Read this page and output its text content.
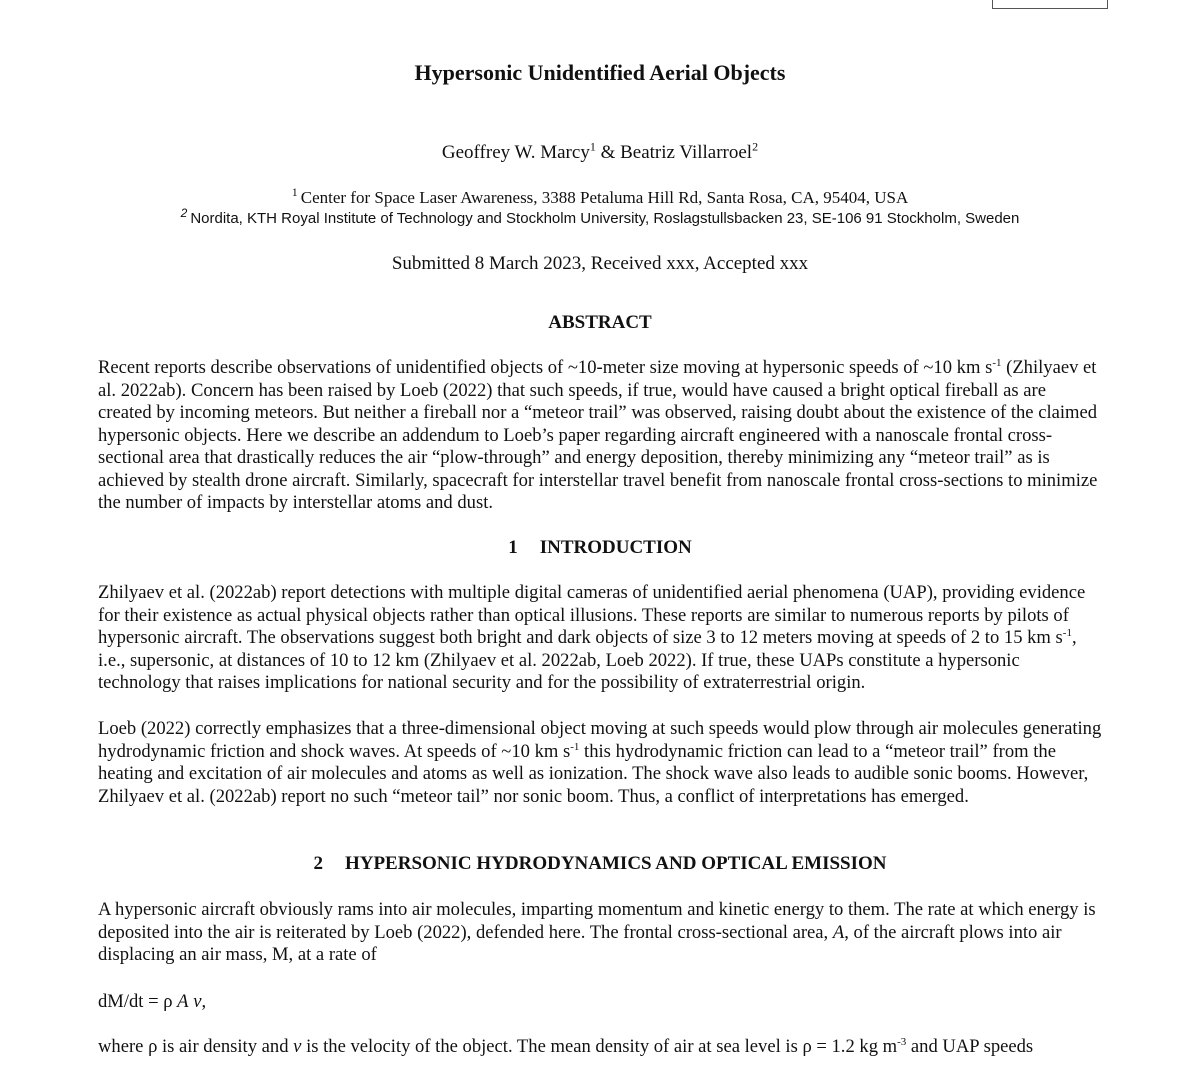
Hypersonic Unidentified Aerial Objects
Geoffrey W. Marcy$^1$ & Beatriz Villarroel$^2$
$^1$ Center for Space Laser Awareness, 3388 Petaluma Hill Rd, Santa Rosa, CA, 95404, USA
$^2$ Nordita, KTH Royal Institute of Technology and Stockholm University, Roslagstullsbacken 23, SE-106 91 Stockholm, Sweden
Submitted 8 March 2023, Received xxx, Accepted xxx
ABSTRACT

Recent reports describe observations of unidentified objects of ~10-meter size moving at hypersonic speeds of ~10 km $s^{-1}$ (Zhilyaev et al. 2022ab). Concern has been raised by Loeb (2022) that such speeds, if true, would have caused a bright optical fireball as are created by incoming meteors. But neither a fireball nor a “meteor trail” was observed, raising doubt about the existence of the claimed hypersonic objects. Here we describe an addendum to Loeb’s paper regarding aircraft engineered with a nanoscale frontal cross-sectional area that drastically reduces the air “plow-through” and energy deposition, thereby minimizing any “meteor trail” as is achieved by stealth drone aircraft. Similarly, spacecraft for interstellar travel benefit from nanoscale frontal cross-sections to minimize the number of impacts by interstellar atoms and dust.

1 INTRODUCTION

Zhilyaev et al. (2022ab) report detections with multiple digital cameras of unidentified aerial phenomena (UAP), providing evidence for their existence as actual physical objects rather than optical illusions. These reports are similar to numerous reports by pilots of hypersonic aircraft. The observations suggest both bright and dark objects of size 3 to 12 meters moving at speeds of 2 to 15 km $s^{-1}$, i.e., supersonic, at distances of 10 to 12 km (Zhilyaev et al. 2022ab, Loeb 2022). If true, these UAPs constitute a hypersonic technology that raises implications for national security and for the possibility of extraterrestrial origin.

Loeb (2022) correctly emphasizes that a three-dimensional object moving at such speeds would plow through air molecules generating hydrodynamic friction and shock waves. At speeds of ~10 km $s^{-1}$ this hydrodynamic friction can lead to a “meteor trail” from the heating and excitation of air molecules and atoms as well as ionization. The shock wave also leads to audible sonic booms. However, Zhilyaev et al. (2022ab) report no such “meteor tail” nor sonic boom. Thus, a conflict of interpretations has emerged.

2 HYPERSONIC HYDRODYNAMICS AND OPTICAL EMISSION

A hypersonic aircraft obviously rams into air molecules, imparting momentum and kinetic energy to them. The rate at which energy is deposited into the air is reiterated by Loeb (2022), defended here. The frontal cross-sectional area, A, of the aircraft plows into air displacing an air mass, M, at a rate of

dM/dt = ρ A v,

where ρ is air density and v is the velocity of the object. The mean density of air at sea level is ρ = 1.2 kg $m^{-3}$ and UAP speeds
